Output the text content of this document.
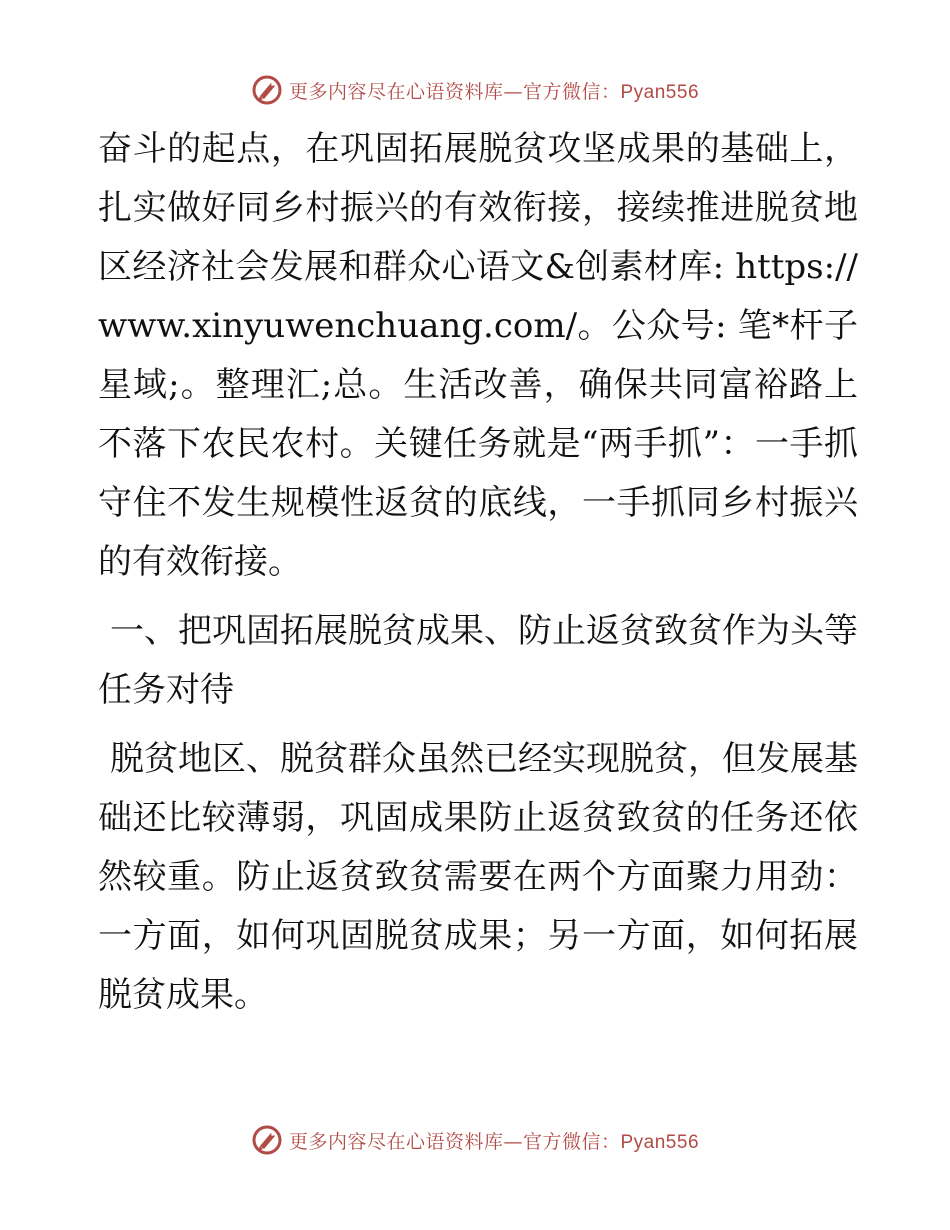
更多内容尽在心语资料库—官方微信：Pyan556

奋斗的起点，在巩固拓展脱贫攻坚成果的基础上，扎实做好同乡村振兴的有效衔接，接续推进脱贫地区经济社会发展和群众心语文&创素材库: https://www.xinyuwenchuang.com/。公众号: 笔*杆子星域;。整理汇;总。生活改善，确保共同富裕路上不落下农民农村。关键任务就是“两手抓”：一手抓守住不发生规模性返贫的底线，一手抓同乡村振兴的有效衔接。

一、把巩固拓展脱贫成果、防止返贫致贫作为头等任务对待

脱贫地区、脱贫群众虽然已经实现脱贫，但发展基础还比较薄弱，巩固成果防止返贫致贫的任务还依然较重。防止返贫致贫需要在两个方面聚力用劲：一方面，如何巩固脱贫成果；另一方面，如何拓展脱贫成果。

更多内容尽在心语资料库—官方微信：Pyan556
